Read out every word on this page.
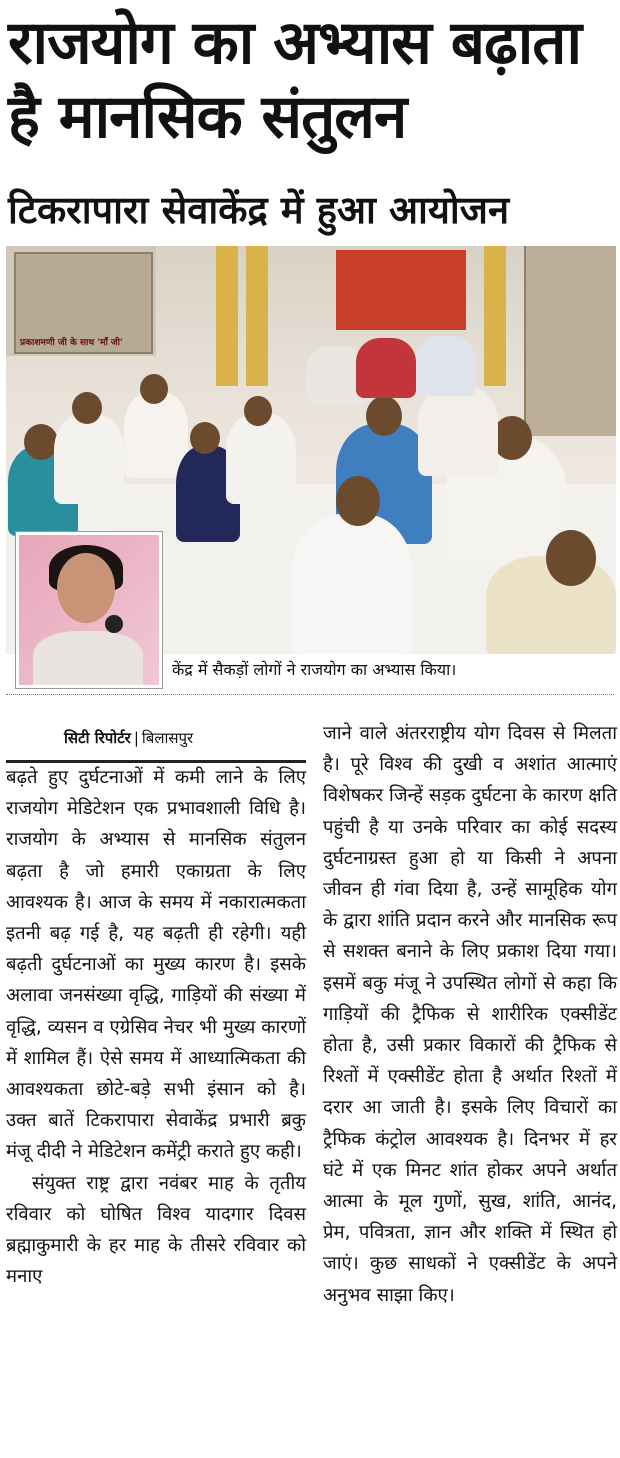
राजयोग का अभ्यास बढ़ाता है मानसिक संतुलन
टिकरापारा सेवाकेंद्र में हुआ आयोजन
प्रकाशमणी जी के साथ 'माँ जी'
केंद्र में सैकड़ों लोगों ने राजयोग का अभ्यास किया।
सिटी रिपोर्टर | बिलासपुर

बढ़ते हुए दुर्घटनाओं में कमी लाने के लिए राजयोग मेडिटेशन एक प्रभावशाली विधि है। राजयोग के अभ्यास से मानसिक संतुलन बढ़ता है जो हमारी एकाग्रता के लिए आवश्यक है। आज के समय में नकारात्मकता इतनी बढ़ गई है, यह बढ़ती ही रहेगी। यही बढ़ती दुर्घटनाओं का मुख्य कारण है। इसके अलावा जनसंख्या वृद्धि, गाड़ियों की संख्या में वृद्धि, व्यसन व एग्रेसिव नेचर भी मुख्य कारणों में शामिल हैं। ऐसे समय में आध्यात्मिकता की आवश्यकता छोटे-बड़े सभी इंसान को है। उक्त बातें टिकरापारा सेवाकेंद्र प्रभारी ब्रकु मंजू दीदी ने मेडिटेशन कमेंट्री कराते हुए कही।

संयुक्त राष्ट्र द्वारा नवंबर माह के तृतीय रविवार को घोषित विश्व यादगार दिवस ब्रह्माकुमारी के हर माह के तीसरे रविवार को मनाए

जाने वाले अंतरराष्ट्रीय योग दिवस से मिलता है। पूरे विश्व की दुखी व अशांत आत्माएं विशेषकर जिन्हें सड़क दुर्घटना के कारण क्षति पहुंची है या उनके परिवार का कोई सदस्य दुर्घटनाग्रस्त हुआ हो या किसी ने अपना जीवन ही गंवा दिया है, उन्हें सामूहिक योग के द्वारा शांति प्रदान करने और मानसिक रूप से सशक्त बनाने के लिए प्रकाश दिया गया। इसमें बकु मंजू ने उपस्थित लोगों से कहा कि गाड़ियों की ट्रैफिक से शारीरिक एक्सीडेंट होता है, उसी प्रकार विकारों की ट्रैफिक से रिश्तों में एक्सीडेंट होता है अर्थात रिश्तों में दरार आ जाती है। इसके लिए विचारों का ट्रैफिक कंट्रोल आवश्यक है। दिनभर में हर घंटे में एक मिनट शांत होकर अपने अर्थात आत्मा के मूल गुणों, सुख, शांति, आनंद, प्रेम, पवित्रता, ज्ञान और शक्ति में स्थित हो जाएं। कुछ साधकों ने एक्सीडेंट के अपने अनुभव साझा किए।
